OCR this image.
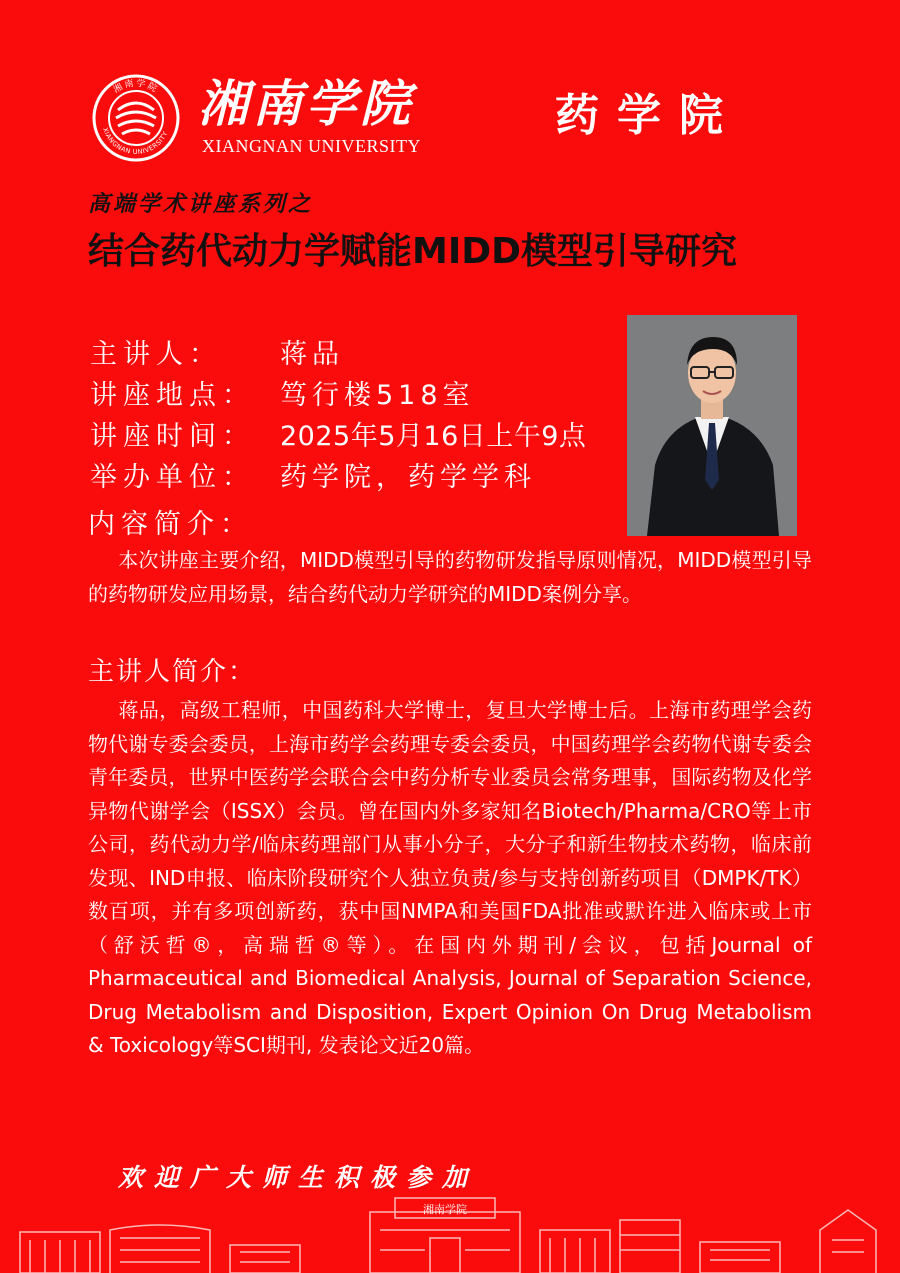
湘南学院
XIANGNAN UNIVERSITY
湘南学院
XIANGNAN UNIVERSITY
药学院
高端学术讲座系列之
结合药代动力学赋能MIDD模型引导研究
主讲人： 蒋品
讲座地点： 笃行楼518室
讲座时间： 2025年5月16日上午9点
举办单位： 药学院，药学学科
内容简介：
本次讲座主要介绍，MIDD模型引导的药物研发指导原则情况，MIDD模型引导的药物研发应用场景，结合药代动力学研究的MIDD案例分享。
主讲人简介：
蒋品，高级工程师，中国药科大学博士，复旦大学博士后。上海市药理学会药物代谢专委会委员，上海市药学会药理专委会委员，中国药理学会药物代谢专委会青年委员，世界中医药学会联合会中药分析专业委员会常务理事，国际药物及化学异物代谢学会（ISSX）会员。曾在国内外多家知名Biotech/Pharma/CRO等上市公司，药代动力学/临床药理部门从事小分子，大分子和新生物技术药物，临床前发现、IND申报、临床阶段研究个人独立负责/参与支持创新药项目（DMPK/TK）数百项，并有多项创新药，获中国NMPA和美国FDA批准或默许进入临床或上市（舒沃哲®，高瑞哲®等）。在国内外期刊/会议，包括Journal of Pharmaceutical and Biomedical Analysis, Journal of Separation Science, Drug Metabolism and Disposition, Expert Opinion On Drug Metabolism & Toxicology等SCI期刊, 发表论文近20篇。
欢迎广大师生积极参加
湘南学院
